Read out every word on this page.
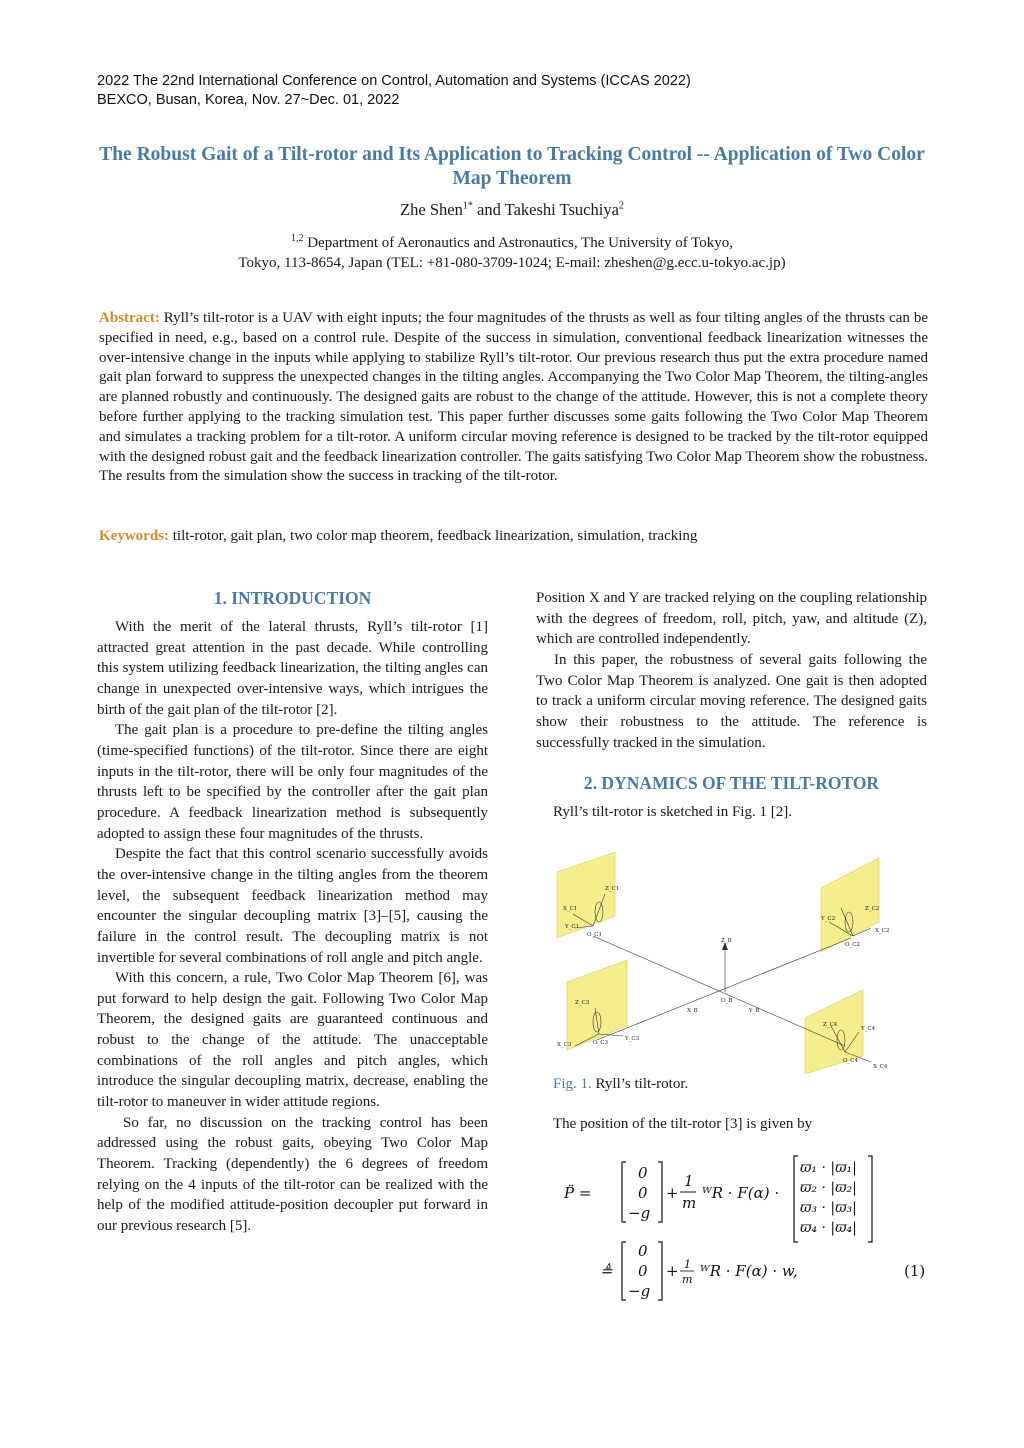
2022 The 22nd International Conference on Control, Automation and Systems (ICCAS 2022)
BEXCO, Busan, Korea, Nov. 27~Dec. 01, 2022
The Robust Gait of a Tilt-rotor and Its Application to Tracking Control -- Application of Two Color Map Theorem
Zhe Shen$^{1*}$ and Takeshi Tsuchiya$^2$
$^{1,2}$ Department of Aeronautics and Astronautics, The University of Tokyo,
Tokyo, 113-8654, Japan (TEL: +81-080-3709-1024; E-mail: zheshen@g.ecc.u-tokyo.ac.jp)
Abstract: Ryll’s tilt-rotor is a UAV with eight inputs; the four magnitudes of the thrusts as well as four tilting angles of the thrusts can be specified in need, e.g., based on a control rule. Despite of the success in simulation, conventional feedback linearization witnesses the over-intensive change in the inputs while applying to stabilize Ryll’s tilt-rotor. Our previous research thus put the extra procedure named gait plan forward to suppress the unexpected changes in the tilting angles. Accompanying the Two Color Map Theorem, the tilting-angles are planned robustly and continuously. The designed gaits are robust to the change of the attitude. However, this is not a complete theory before further applying to the tracking simulation test. This paper further discusses some gaits following the Two Color Map Theorem and simulates a tracking problem for a tilt-rotor. A uniform circular moving reference is designed to be tracked by the tilt-rotor equipped with the designed robust gait and the feedback linearization controller. The gaits satisfying Two Color Map Theorem show the robustness. The results from the simulation show the success in tracking of the tilt-rotor.
Keywords: tilt-rotor, gait plan, two color map theorem, feedback linearization, simulation, tracking
1. INTRODUCTION

With the merit of the lateral thrusts, Ryll’s tilt-rotor [1] attracted great attention in the past decade. While controlling this system utilizing feedback linearization, the tilting angles can change in unexpected over-intensive ways, which intrigues the birth of the gait plan of the tilt-rotor [2].

The gait plan is a procedure to pre-define the tilting angles (time-specified functions) of the tilt-rotor. Since there are eight inputs in the tilt-rotor, there will be only four magnitudes of the thrusts left to be specified by the controller after the gait plan procedure. A feedback linearization method is subsequently adopted to assign these four magnitudes of the thrusts.

Despite the fact that this control scenario successfully avoids the over-intensive change in the tilting angles from the theorem level, the subsequent feedback linearization method may encounter the singular decoupling matrix [3]–[5], causing the failure in the control result. The decoupling matrix is not invertible for several combinations of roll angle and pitch angle.

With this concern, a rule, Two Color Map Theorem [6], was put forward to help design the gait. Following Two Color Map Theorem, the designed gaits are guaranteed continuous and robust to the change of the attitude. The unacceptable combinations of the roll angles and pitch angles, which introduce the singular decoupling matrix, decrease, enabling the tilt-rotor to maneuver in wider attitude regions.

So far, no discussion on the tracking control has been addressed using the robust gaits, obeying Two Color Map Theorem. Tracking (dependently) the 6 degrees of freedom relying on the 4 inputs of the tilt-rotor can be realized with the help of the modified attitude-position decoupler put forward in our previous research [5].

Position X and Y are tracked relying on the coupling relationship with the degrees of freedom, roll, pitch, yaw, and altitude (Z), which are controlled independently.

In this paper, the robustness of several gaits following the Two Color Map Theorem is analyzed. One gait is then adopted to track a uniform circular moving reference. The designed gaits show their robustness to the attitude. The reference is successfully tracked in the simulation.

2. DYNAMICS OF THE TILT-ROTOR
Ryll’s tilt-rotor is sketched in Fig. 1 [2].
Z_B
O_B
X_B	Y_B
O_C1
X_C1
Y_C1
Z_C1
O_C2
X_C2
Y_C2
Z_C2
O_C3
X_C3
Y_C3
Z_C3
O_C4
X_C4
Y_C4
Z_C4
Fig. 1. Ryll’s tilt-rotor.
The position of the tilt-rotor [3] is given by
P̈ =
0
0
−g
+
1
m
ᵂR · F(α) ·
ϖ₁ · |ϖ₁|
ϖ₂ · |ϖ₂|
ϖ₃ · |ϖ₃|
ϖ₄ · |ϖ₄|
≜
0
0
−g
+ 1
m ᵂR · F(α) · w,	(1)
